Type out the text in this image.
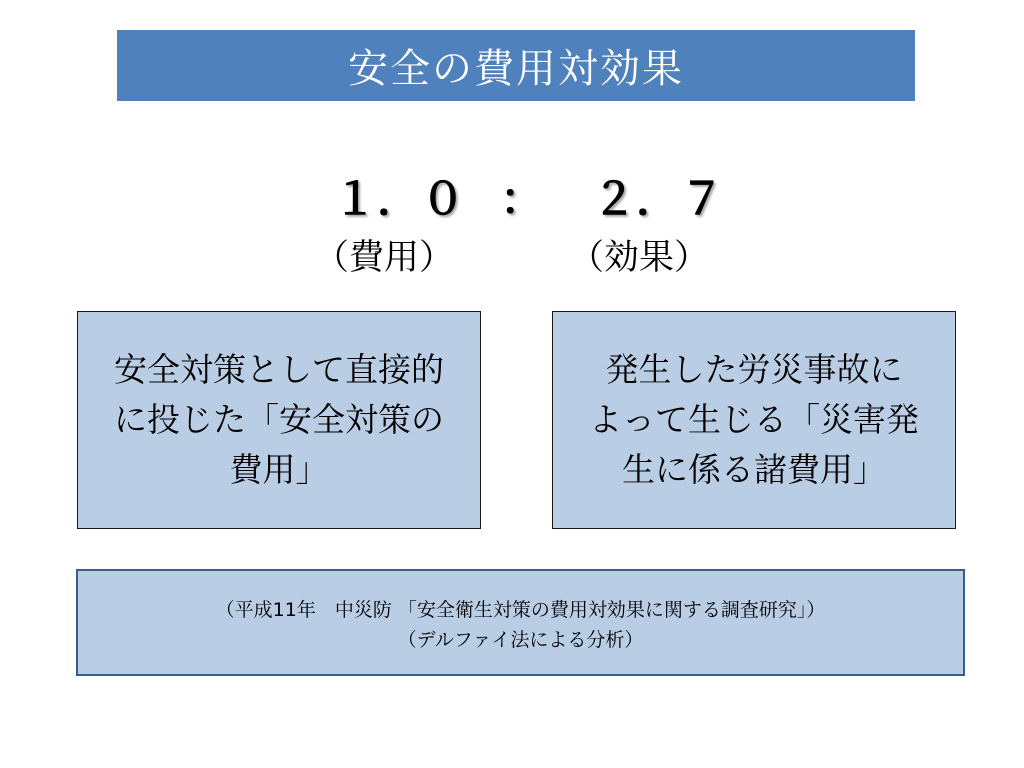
安全の費用対効果
１．０ ： ２．７
（費用）	（効果）
安全対策として直接的
に投じた「安全対策の
費用」
発生した労災事故に
よって生じる「災害発
生に係る諸費用」
（平成11年　中災防 「安全衛生対策の費用対効果に関する調査研究」）
（デルファイ法による分析）
